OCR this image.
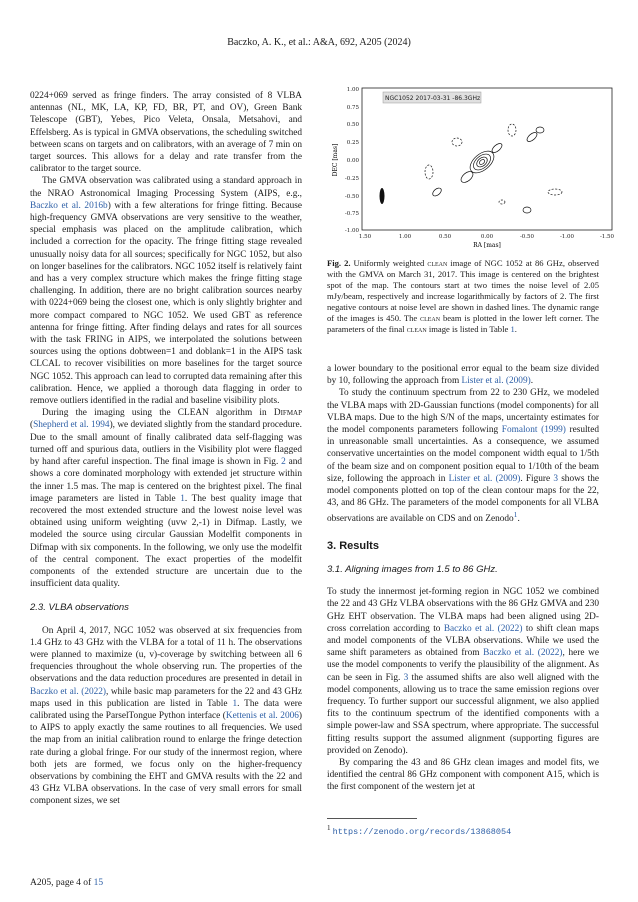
Baczko, A. K., et al.: A&A, 692, A205 (2024)

0224+069 served as fringe finders. The array consisted of 8 VLBA antennas (NL, MK, LA, KP, FD, BR, PT, and OV), Green Bank Telescope (GBT), Yebes, Pico Veleta, Onsala, Metsahovi, and Effelsberg. As is typical in GMVA observations, the scheduling switched between scans on targets and on calibrators, with an average of 7 min on target sources. This allows for a delay and rate transfer from the calibrator to the target source.

The GMVA observation was calibrated using a standard approach in the NRAO Astronomical Imaging Processing System (AIPS, e.g., Baczko et al. 2016b) with a few alterations for fringe fitting. Because high-frequency GMVA observations are very sensitive to the weather, special emphasis was placed on the amplitude calibration, which included a correction for the opacity. The fringe fitting stage revealed unusually noisy data for all sources; specifically for NGC 1052, but also on longer baselines for the calibrators. NGC 1052 itself is relatively faint and has a very complex structure which makes the fringe fitting stage challenging. In addition, there are no bright calibration sources nearby with 0224+069 being the closest one, which is only slightly brighter and more compact compared to NGC 1052. We used GBT as reference antenna for fringe fitting. After finding delays and rates for all sources with the task FRING in AIPS, we interpolated the solutions between sources using the options dobtween=1 and doblank=1 in the AIPS task CLCAL to recover visibilities on more baselines for the target source NGC 1052. This approach can lead to corrupted data remaining after this calibration. Hence, we applied a thorough data flagging in order to remove outliers identified in the radial and baseline visibility plots.

During the imaging using the CLEAN algorithm in Difmap (Shepherd et al. 1994), we deviated slightly from the standard procedure. Due to the small amount of finally calibrated data self-flagging was turned off and spurious data, outliers in the Visibility plot were flagged by hand after careful inspection. The final image is shown in Fig. 2 and shows a core dominated morphology with extended jet structure within the inner 1.5 mas. The map is centered on the brightest pixel. The final image parameters are listed in Table 1. The best quality image that recovered the most extended structure and the lowest noise level was obtained using uniform weighting (uvw 2,-1) in Difmap. Lastly, we modeled the source using circular Gaussian Modelfit components in Difmap with six components. In the following, we only use the modelfit of the central component. The exact properties of the modelfit components of the extended structure are uncertain due to the insufficient data quality.

2.3. VLBA observations

On April 4, 2017, NGC 1052 was observed at six frequencies from 1.4 GHz to 43 GHz with the VLBA for a total of 11 h. The observations were planned to maximize (u, v)-coverage by switching between all 6 frequencies throughout the whole observing run. The properties of the observations and the data reduction procedures are presented in detail in Baczko et al. (2022), while basic map parameters for the 22 and 43 GHz maps used in this publication are listed in Table 1. The data were calibrated using the ParselTongue Python interface (Kettenis et al. 2006) to AIPS to apply exactly the same routines to all frequencies. We used the map from an initial calibration round to enlarge the fringe detection rate during a global fringe. For our study of the innermost region, where both jets are formed, we focus only on the higher-frequency observations by combining the EHT and GMVA results with the 22 and 43 GHz VLBA observations. In the case of very small errors for small component sizes, we set

1.00
0.75
0.50
0.25
0.00
-0.25
-0.50
-0.75
-1.00
1.50	1.00	0.50	0.00	-0.50	-1.00	-1.50
RA [mas]
DEC [mas]
NGC1052 2017-03-31 -86.3GHz
Fig. 2. Uniformly weighted clean image of NGC 1052 at 86 GHz, observed with the GMVA on March 31, 2017. This image is centered on the brightest spot of the map. The contours start at two times the noise level of 2.05 mJy/beam, respectively and increase logarithmically by factors of 2. The first negative contours at noise level are shown in dashed lines. The dynamic range of the images is 450. The clean beam is plotted in the lower left corner. The parameters of the final clean image is listed in Table 1.

a lower boundary to the positional error equal to the beam size divided by 10, following the approach from Lister et al. (2009).

To study the continuum spectrum from 22 to 230 GHz, we modeled the VLBA maps with 2D-Gaussian functions (model components) for all VLBA maps. Due to the high S/N of the maps, uncertainty estimates for the model components parameters following Fomalont (1999) resulted in unreasonable small uncertainties. As a consequence, we assumed conservative uncertainties on the model component width equal to 1/5th of the beam size and on component position equal to 1/10th of the beam size, following the approach in Lister et al. (2009). Figure 3 shows the model components plotted on top of the clean contour maps for the 22, 43, and 86 GHz. The parameters of the model components for all VLBA observations are available on CDS and on Zenodo$^1$.

3. Results
3.1. Aligning images from 1.5 to 86 GHz.

To study the innermost jet-forming region in NGC 1052 we combined the 22 and 43 GHz VLBA observations with the 86 GHz GMVA and 230 GHz EHT observation. The VLBA maps had been aligned using 2D-cross correlation according to Baczko et al. (2022) to shift clean maps and model components of the VLBA observations. While we used the same shift parameters as obtained from Baczko et al. (2022), here we use the model components to verify the plausibility of the alignment. As can be seen in Fig. 3 the assumed shifts are also well aligned with the model components, allowing us to trace the same emission regions over frequency. To further support our successful alignment, we also applied fits to the continuum spectrum of the identified components with a simple power-law and SSA spectrum, where appropriate. The successful fitting results support the assumed alignment (supporting figures are provided on Zenodo).

By comparing the 43 and 86 GHz clean images and model fits, we identified the central 86 GHz component with component A15, which is the first component of the western jet at

$^1$ https://zenodo.org/records/13868054
A205, page 4 of 15
